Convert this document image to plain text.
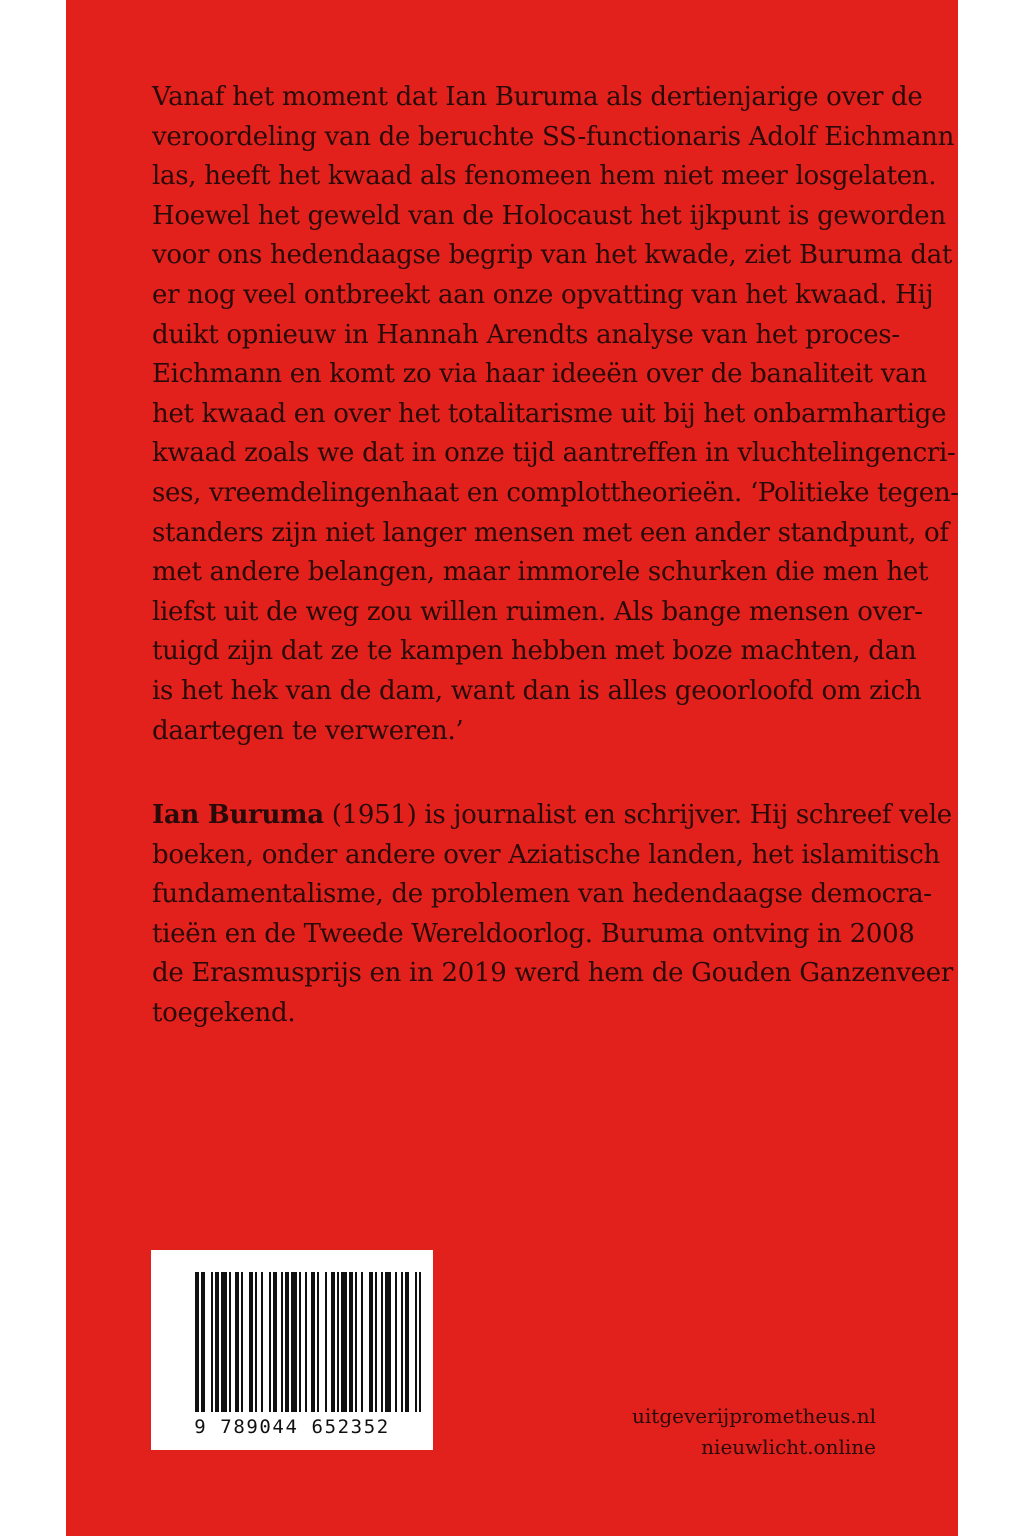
Vanaf het moment dat Ian Buruma als dertienjarige over de
veroordeling van de beruchte SS-functionaris Adolf Eichmann
las, heeft het kwaad als fenomeen hem niet meer losgelaten.
Hoewel het geweld van de Holocaust het ijkpunt is geworden
voor ons hedendaagse begrip van het kwade, ziet Buruma dat
er nog veel ontbreekt aan onze opvatting van het kwaad. Hij
duikt opnieuw in Hannah Arendts analyse van het proces-
Eichmann en komt zo via haar ideeën over de banaliteit van
het kwaad en over het totalitarisme uit bij het onbarmhartige
kwaad zoals we dat in onze tijd aantreffen in vluchtelingencri-
ses, vreemdelingenhaat en complottheorieën. ‘Politieke tegen-
standers zijn niet langer mensen met een ander standpunt, of
met andere belangen, maar immorele schurken die men het
liefst uit de weg zou willen ruimen. Als bange mensen over-
tuigd zijn dat ze te kampen hebben met boze machten, dan
is het hek van de dam, want dan is alles geoorloofd om zich
daartegen te verweren.’
Ian Buruma (1951) is journalist en schrijver. Hij schreef vele
boeken, onder andere over Aziatische landen, het islamitisch
fundamentalisme, de problemen van hedendaagse democra-
tieën en de Tweede Wereldoorlog. Buruma ontving in 2008
de Erasmusprijs en in 2019 werd hem de Gouden Ganzenveer
toegekend.
9 789044 652352	uitgeverijprometheus.nl
nieuwlicht.online
